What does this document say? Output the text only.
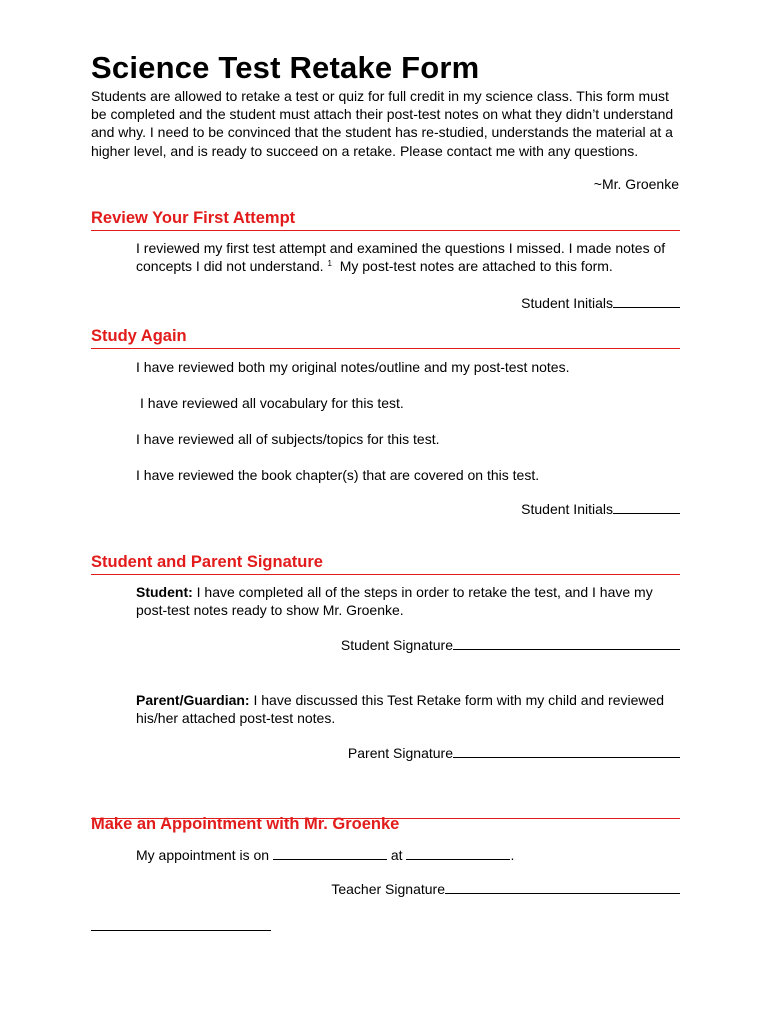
Science Test Retake Form
Students are allowed to retake a test or quiz for full credit in my science class. This form must be completed and the student must attach their post-test notes on what they didn’t understand and why. I need to be convinced that the student has re-studied, understands the material at a higher level, and is ready to succeed on a retake. Please contact me with any questions.
~Mr. Groenke
Review Your First Attempt
I reviewed my first test attempt and examined the questions I missed. I made notes of concepts I did not understand. $^1$ My post-test notes are attached to this form.
Student Initials
Study Again
I have reviewed both my original notes/outline and my post-test notes.
I have reviewed all vocabulary for this test.
I have reviewed all of subjects/topics for this test.
I have reviewed the book chapter(s) that are covered on this test.
Student Initials
Student and Parent Signature
Student: I have completed all of the steps in order to retake the test, and I have my post-test notes ready to show Mr. Groenke.
Student Signature
Parent/Guardian: I have discussed this Test Retake form with my child and reviewed his/her attached post-test notes.
Parent Signature
Make an Appointment with Mr. Groenke
My appointment is on	at	.
Teacher Signature
